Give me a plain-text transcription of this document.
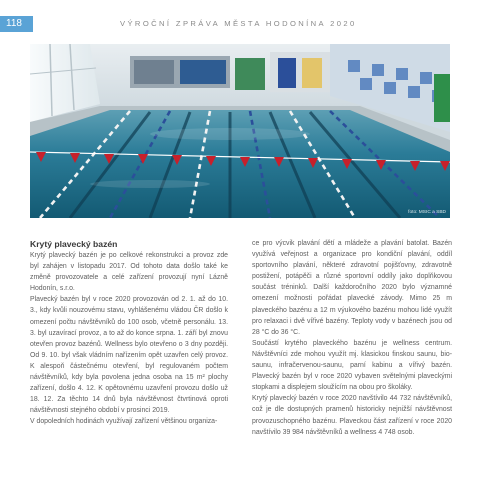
118	VÝROČNÍ ZPRÁVA MĚSTA HODONÍNA 2020
foto: MSIC a SBD
Krytý plavecký bazén

Krytý plavecký bazén je po celkové rekonstrukci a provoz zde byl zahájen v listopadu 2017. Od tohoto data došlo také ke změně provozovatele a celé zařízení provozují nyní Lázně Hodonín, s.r.o.

Plavecký bazén byl v roce 2020 provozován od 2. 1. až do 10. 3., kdy kvůli nouzovému stavu, vyhlášenému vládou ČR došlo k omezení počtu návštěvníků do 100 osob, včetně personálu. 13. 3. byl uzavírací provoz, a to až do konce srpna. 1. září byl znovu otevřen provoz bazénů. Wellness bylo otevřeno o 3 dny později. Od 9. 10. byl však vládním nařízením opět uzavřen celý provoz. K alespoň částečnému otevření, byl regulovaném počtem návštěvníků, kdy byla povolena jedna osoba na 15 m² plochy zařízení, došlo 4. 12. K opětovnému uzavření provozu došlo už 18. 12. Za těchto 14 dnů byla návštěvnost čtvrtinová oproti návštěvnosti stejného období v prosinci 2019.

V dopoledních hodinách využívají zařízení většinou organiza-

ce pro výcvik plavání dětí a mládeže a plavání batolat. Bazén využívá veřejnost a organizace pro kondiční plavání, oddíl sportovního plavání, některé zdravotní pojišťovny, zdravotně postižení, potápěči a různé sportovní oddíly jako doplňkovou součást tréninků. Další každoročního 2020 bylo významné omezení možnosti pořádat plavecké závody. Mimo 25 m plaveckého bazénu a 12 m výukového bazénu mohou lidé využít pro relaxaci i dvě vířivé bazény. Teploty vody v bazénech jsou od 28 °C do 36 °C.

Součástí krytého plaveckého bazénu je wellness centrum. Návštěvníci zde mohou využít mj. klasickou finskou saunu, bio-saunu, infračervenou-saunu, parní kabinu a vířivý bazén. Plavecký bazén byl v roce 2020 vybaven světelnými plaveckými stopkami a displejem sloužícím na obou pro školáky.

Krytý plavecký bazén v roce 2020 navštívilo 44 732 návštěvníků, což je dle dostupných pramenů historicky nejnižší návštěvnost provozuschopného bazénu. Plaveckou část zařízení v roce 2020 navštívilo 39 984 návštěvníků a wellness 4 748 osob.
